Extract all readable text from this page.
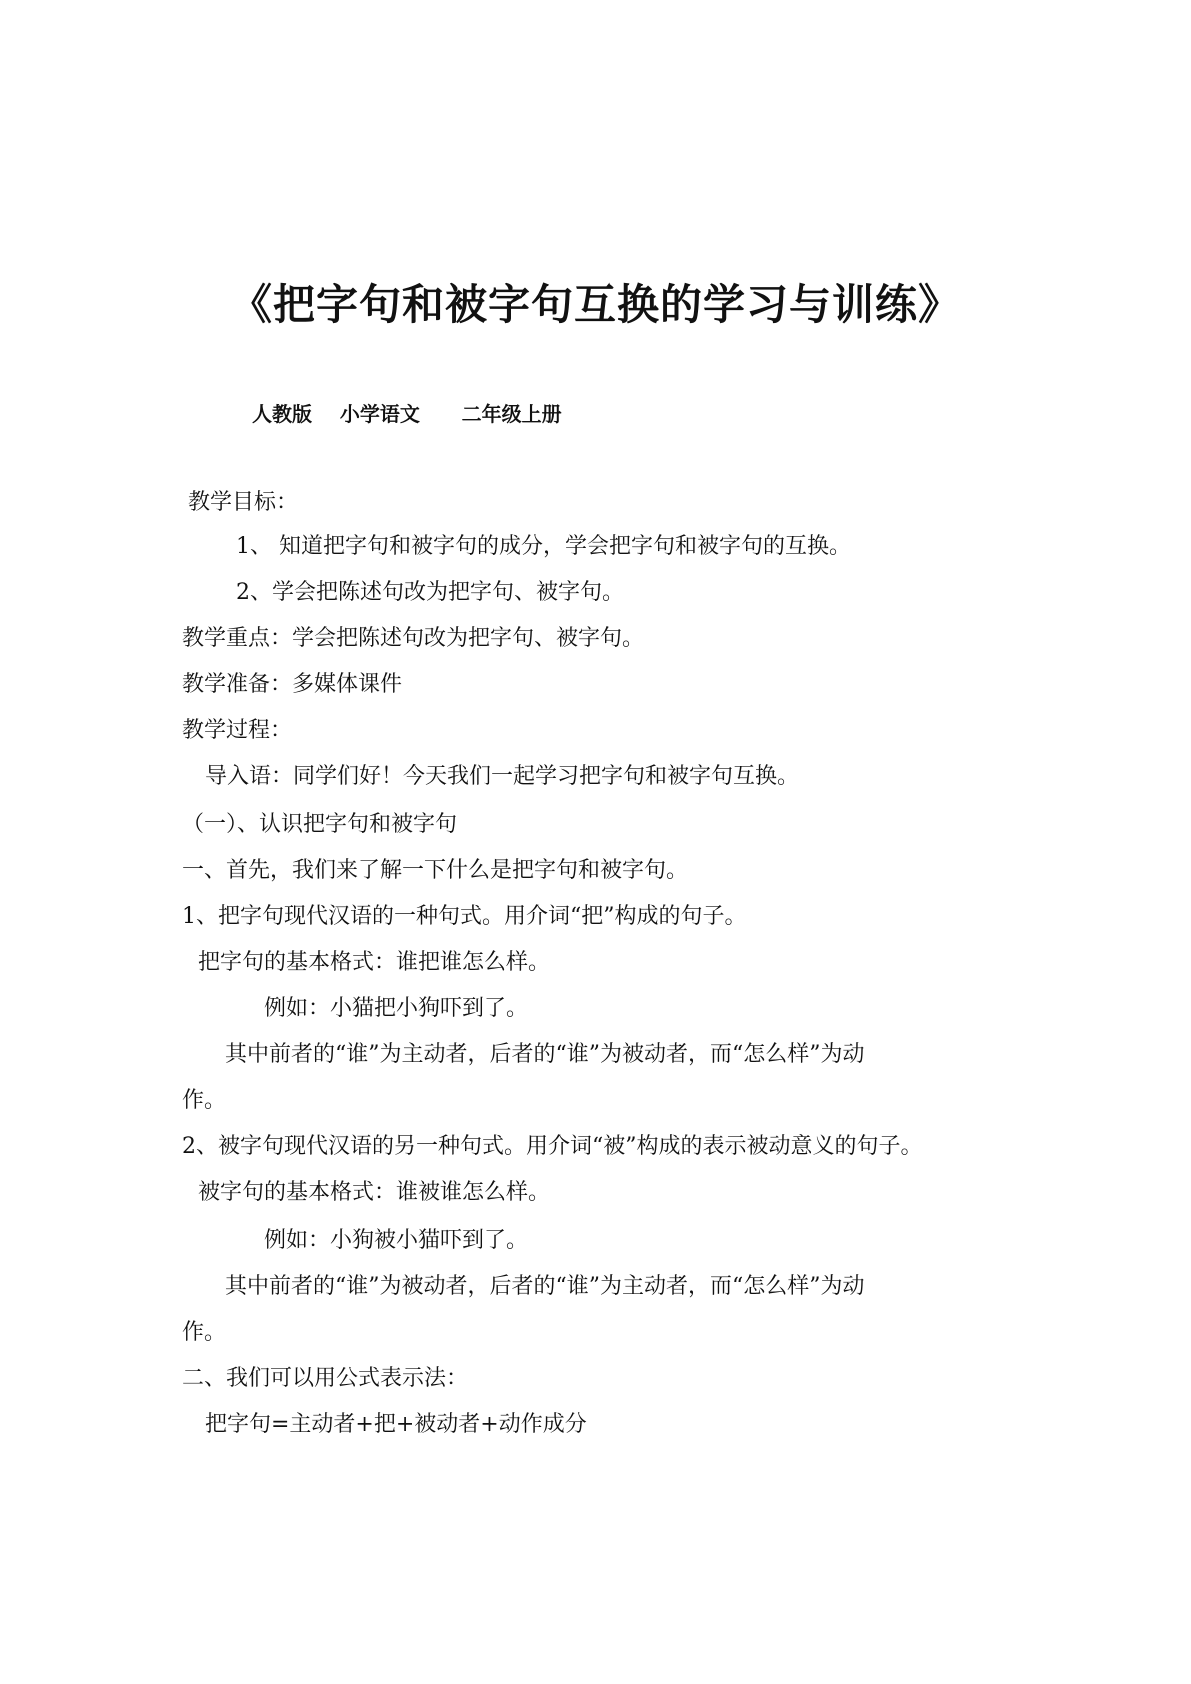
《把字句和被字句互换的学习与训练》
人教版    小学语文      二年级上册
教学目标：
1、 知道把字句和被字句的成分，学会把字句和被字句的互换。
2、学会把陈述句改为把字句、被字句。
教学重点：学会把陈述句改为把字句、被字句。
教学准备：多媒体课件
教学过程：
导入语：同学们好！今天我们一起学习把字句和被字句互换。
（一）、认识把字句和被字句
一、首先，我们来了解一下什么是把字句和被字句。
1、把字句现代汉语的一种句式。用介词“把”构成的句子。
把字句的基本格式：谁把谁怎么样。
例如：小猫把小狗吓到了。
其中前者的“谁”为主动者，后者的“谁”为被动者，而“怎么样”为动
作。
2、被字句现代汉语的另一种句式。用介词“被”构成的表示被动意义的句子。
被字句的基本格式：谁被谁怎么样。
例如：小狗被小猫吓到了。
其中前者的“谁”为被动者，后者的“谁”为主动者，而“怎么样”为动
作。
二、我们可以用公式表示法：
把字句=主动者+把+被动者+动作成分
